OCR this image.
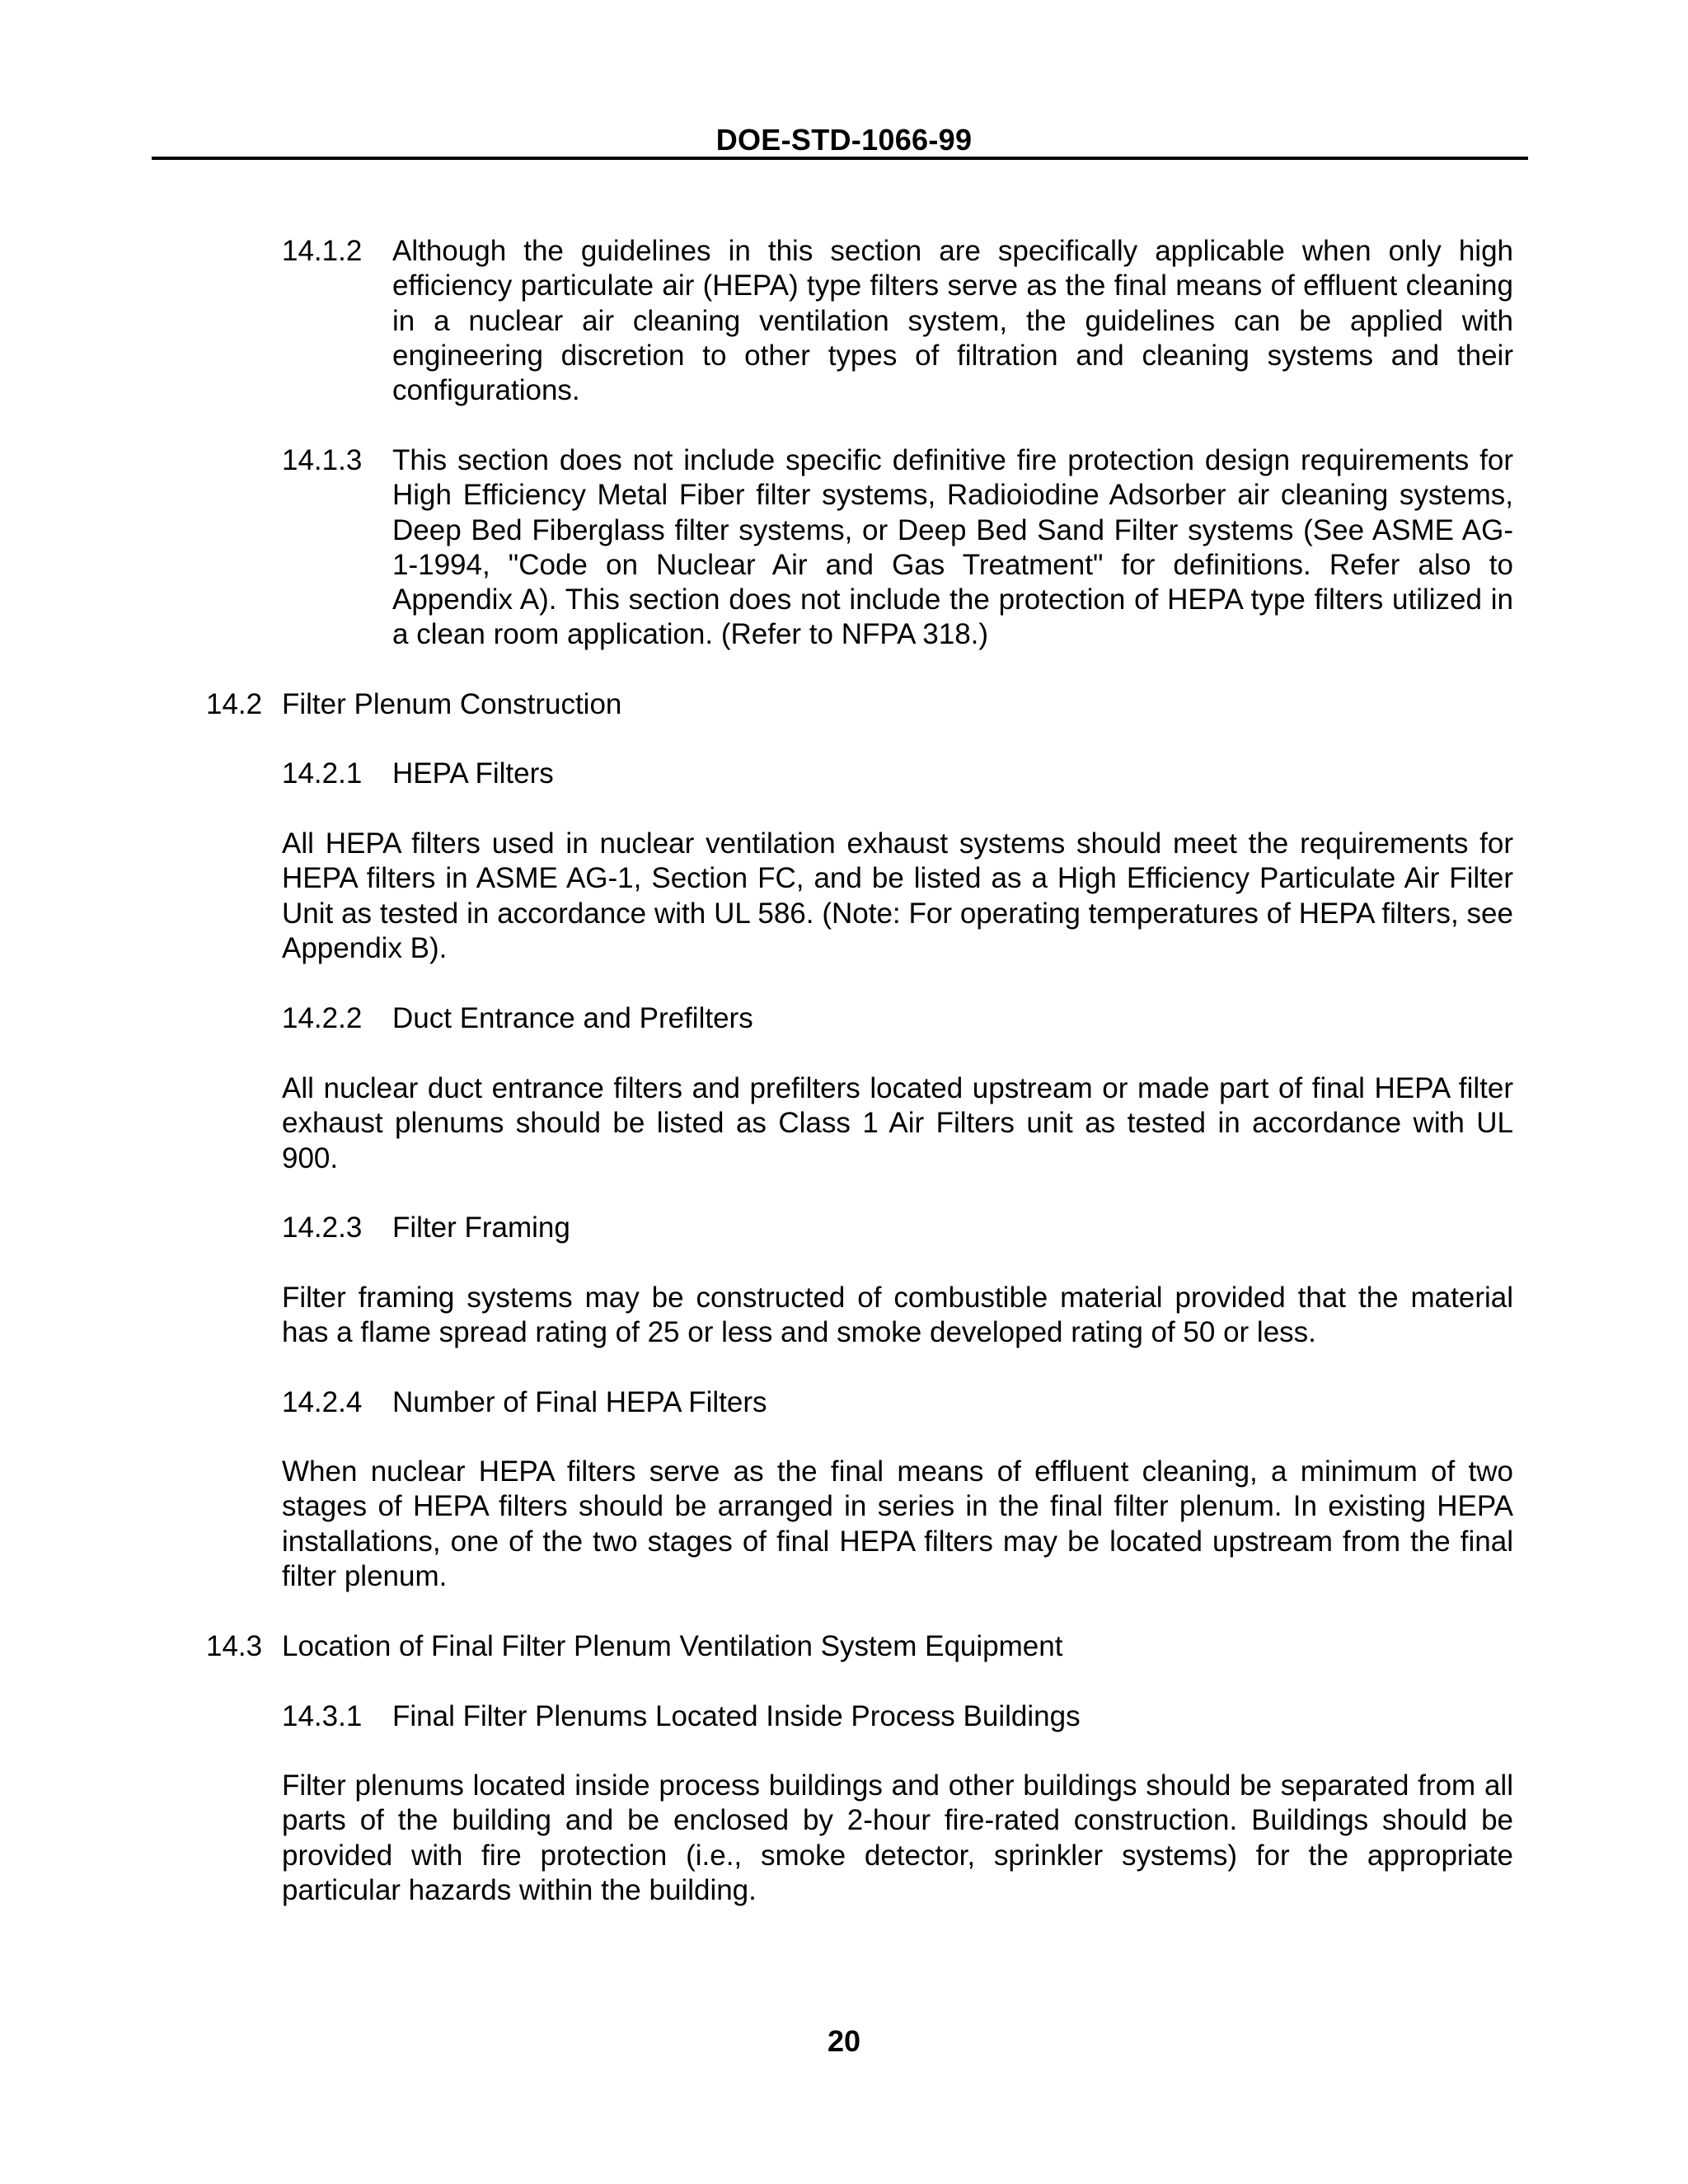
DOE-STD-1066-99
14.1.2 Although the guidelines in this section are specifically applicable when only high efficiency particulate air (HEPA) type filters serve as the final means of effluent cleaning in a nuclear air cleaning ventilation system, the guidelines can be applied with engineering discretion to other types of filtration and cleaning systems and their configurations.
14.1.3 This section does not include specific definitive fire protection design requirements for High Efficiency Metal Fiber filter systems, Radioiodine Adsorber air cleaning systems, Deep Bed Fiberglass filter systems, or Deep Bed Sand Filter systems (See ASME AG-1-1994, "Code on Nuclear Air and Gas Treatment" for definitions. Refer also to Appendix A). This section does not include the protection of HEPA type filters utilized in a clean room application. (Refer to NFPA 318.)
14.2 Filter Plenum Construction
14.2.1 HEPA Filters
All HEPA filters used in nuclear ventilation exhaust systems should meet the requirements for HEPA filters in ASME AG-1, Section FC, and be listed as a High Efficiency Particulate Air Filter Unit as tested in accordance with UL 586. (Note: For operating temperatures of HEPA filters, see Appendix B).
14.2.2 Duct Entrance and Prefilters
All nuclear duct entrance filters and prefilters located upstream or made part of final HEPA filter exhaust plenums should be listed as Class 1 Air Filters unit as tested in accordance with UL 900.
14.2.3 Filter Framing
Filter framing systems may be constructed of combustible material provided that the material has a flame spread rating of 25 or less and smoke developed rating of 50 or less.
14.2.4 Number of Final HEPA Filters
When nuclear HEPA filters serve as the final means of effluent cleaning, a minimum of two stages of HEPA filters should be arranged in series in the final filter plenum. In existing HEPA installations, one of the two stages of final HEPA filters may be located upstream from the final filter plenum.
14.3 Location of Final Filter Plenum Ventilation System Equipment
14.3.1 Final Filter Plenums Located Inside Process Buildings
Filter plenums located inside process buildings and other buildings should be separated from all parts of the building and be enclosed by 2-hour fire-rated construction. Buildings should be provided with fire protection (i.e., smoke detector, sprinkler systems) for the appropriate particular hazards within the building.
20
